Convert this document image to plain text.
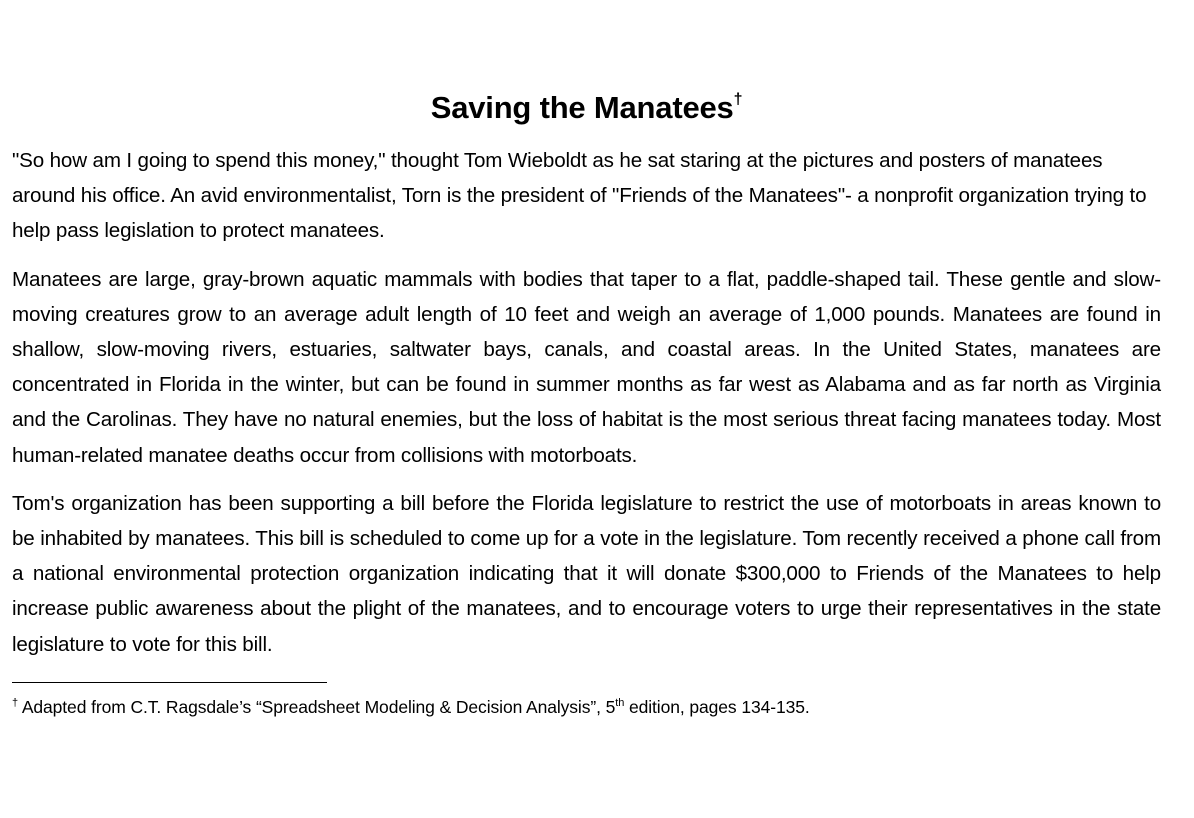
Saving the Manatees†

"So how am I going to spend this money," thought Tom Wieboldt as he sat staring at the pictures and posters of manatees around his office. An avid environmentalist, Torn is the president of "Friends of the Manatees"- a nonprofit organization trying to help pass legislation to protect manatees.

Manatees are large, gray-brown aquatic mammals with bodies that taper to a flat, paddle-shaped tail. These gentle and slow-moving creatures grow to an average adult length of 10 feet and weigh an average of 1,000 pounds. Manatees are found in shallow, slow-moving rivers, estuaries, saltwater bays, canals, and coastal areas. In the United States, manatees are concentrated in Florida in the winter, but can be found in summer months as far west as Alabama and as far north as Virginia and the Carolinas. They have no natural enemies, but the loss of habitat is the most serious threat facing manatees today. Most human-related manatee deaths occur from collisions with motorboats.

Tom's organization has been supporting a bill before the Florida legislature to restrict the use of motorboats in areas known to be inhabited by manatees. This bill is scheduled to come up for a vote in the legislature. Tom recently received a phone call from a national environmental protection organization indicating that it will donate $300,000 to Friends of the Manatees to help increase public awareness about the plight of the manatees, and to encourage voters to urge their representatives in the state legislature to vote for this bill.

† Adapted from C.T. Ragsdale’s “Spreadsheet Modeling & Decision Analysis”, 5th edition, pages 134-135.
